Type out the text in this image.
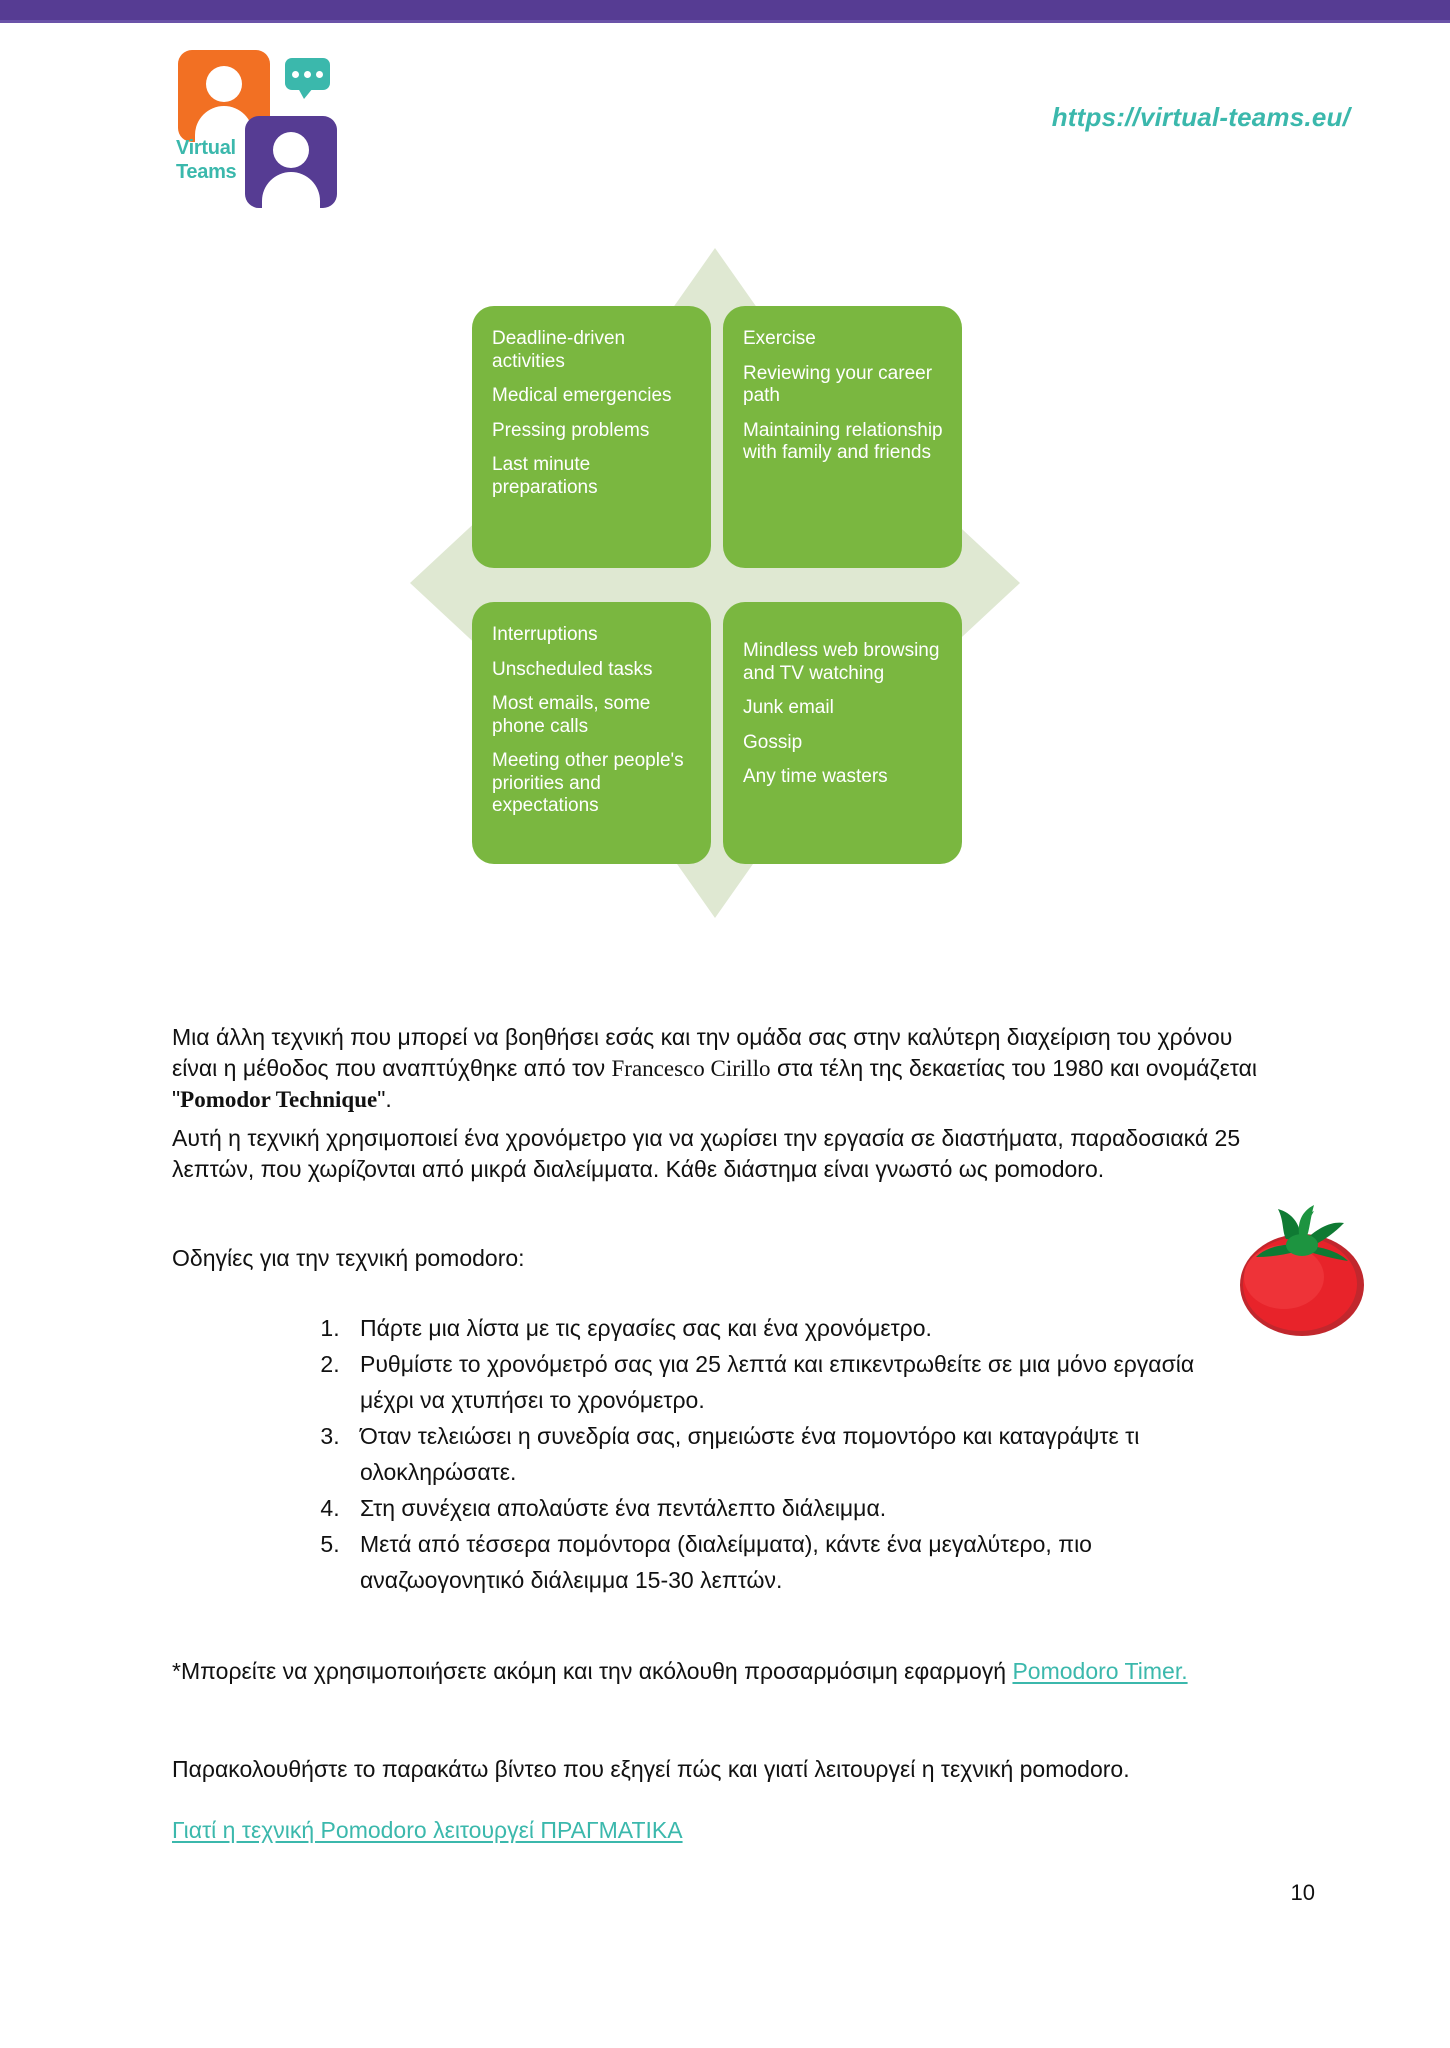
Virtual
Teams
https://virtual-teams.eu/
Deadline-driven activities
Medical emergencies
Pressing problems
Last minute preparations
Exercise
Reviewing your career path
Maintaining relationship with family and friends
Interruptions
Unscheduled tasks
Most emails, some phone calls
Meeting other people's priorities and expectations
Mindless web browsing and TV watching
Junk email
Gossip
Any time wasters

Μια άλλη τεχνική που μπορεί να βοηθήσει εσάς και την ομάδα σας στην καλύτερη διαχείριση του χρόνου είναι η μέθοδος που αναπτύχθηκε από τον Francesco Cirillo στα τέλη της δεκαετίας του 1980 και ονομάζεται "Pomodor Technique".

Αυτή η τεχνική χρησιμοποιεί ένα χρονόμετρο για να χωρίσει την εργασία σε διαστήματα, παραδοσιακά 25 λεπτών, που χωρίζονται από μικρά διαλείμματα. Κάθε διάστημα είναι γνωστό ως pomodoro.

Οδηγίες για την τεχνική pomodoro:
1. Πάρτε μια λίστα με τις εργασίες σας και ένα χρονόμετρο.
2. Ρυθμίστε το χρονόμετρό σας για 25 λεπτά και επικεντρωθείτε σε μια μόνο εργασία μέχρι να χτυπήσει το χρονόμετρο.
3. Όταν τελειώσει η συνεδρία σας, σημειώστε ένα πομοντόρο και καταγράψτε τι ολοκληρώσατε.
4. Στη συνέχεια απολαύστε ένα πεντάλεπτο διάλειμμα.
5. Μετά από τέσσερα πομόντορα (διαλείμματα), κάντε ένα μεγαλύτερο, πιο αναζωογονητικό διάλειμμα 15-30 λεπτών.
*Μπορείτε να χρησιμοποιήσετε ακόμη και την ακόλουθη προσαρμόσιμη εφαρμογή Pomodoro Timer.
Παρακολουθήστε το παρακάτω βίντεο που εξηγεί πώς και γιατί λειτουργεί η τεχνική pomodoro.
Γιατί η τεχνική Pomodoro λειτουργεί ΠΡΑΓΜΑΤΙΚΑ
10
